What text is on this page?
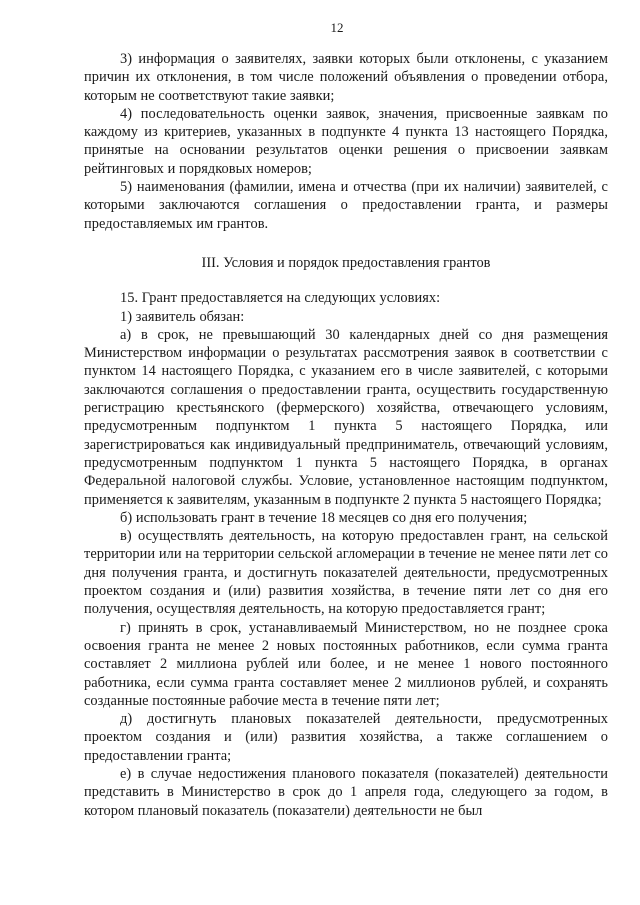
12

3) информация о заявителях, заявки которых были отклонены, с указанием причин их отклонения, в том числе положений объявления о проведении отбора, которым не соответствуют такие заявки;

4) последовательность оценки заявок, значения, присвоенные заявкам по каждому из критериев, указанных в подпункте 4 пункта 13 настоящего Порядка, принятые на основании результатов оценки решения о присвоении заявкам рейтинговых и порядковых номеров;

5) наименования (фамилии, имена и отчества (при их наличии) заявителей, с которыми заключаются соглашения о предоставлении гранта, и размеры предоставляемых им грантов.

III. Условия и порядок предоставления грантов

15. Грант предоставляется на следующих условиях:

1) заявитель обязан:

а) в срок, не превышающий 30 календарных дней со дня размещения Министерством информации о результатах рассмотрения заявок в соответствии с пунктом 14 настоящего Порядка, с указанием его в числе заявителей, с которыми заключаются соглашения о предоставлении гранта, осуществить государственную регистрацию крестьянского (фермерского) хозяйства, отвечающего условиям, предусмотренным подпунктом 1 пункта 5 настоящего Порядка, или зарегистрироваться как индивидуальный предприниматель, отвечающий условиям, предусмотренным подпунктом 1 пункта 5 настоящего Порядка, в органах Федеральной налоговой службы. Условие, установленное настоящим подпунктом, применяется к заявителям, указанным в подпункте 2 пункта 5 настоящего Порядка;

б) использовать грант в течение 18 месяцев со дня его получения;

в) осуществлять деятельность, на которую предоставлен грант, на сельской территории или на территории сельской агломерации в течение не менее пяти лет со дня получения гранта, и достигнуть показателей деятельности, предусмотренных проектом создания и (или) развития хозяйства, в течение пяти лет со дня его получения, осуществляя деятельность, на которую предоставляется грант;

г) принять в срок, устанавливаемый Министерством, но не позднее срока освоения гранта не менее 2 новых постоянных работников, если сумма гранта составляет 2 миллиона рублей или более, и не менее 1 нового постоянного работника, если сумма гранта составляет менее 2 миллионов рублей, и сохранять созданные постоянные рабочие места в течение пяти лет;

д) достигнуть плановых показателей деятельности, предусмотренных проектом создания и (или) развития хозяйства, а также соглашением о предоставлении гранта;

е) в случае недостижения планового показателя (показателей) деятельности представить в Министерство в срок до 1 апреля года, следующего за годом, в котором плановый показатель (показатели) деятельности не был
